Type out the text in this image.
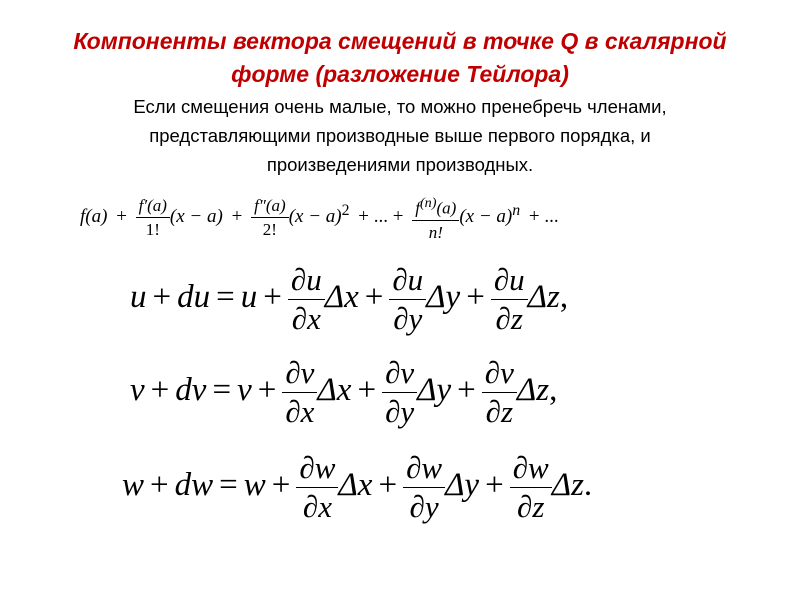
Компоненты вектора смещений в точке Q в скалярной
форме (разложение Тейлора)
Если смещения очень малые, то можно пренебречь членами,
представляющими производные выше первого порядка, и
произведениями производных.
$f(a) + \frac{f'(a)}{1!} (x - a) + \frac{f''(a)}{2!} (x - a)^2$ + ... + $\frac{f^{(n)}(a)}{n!} (x - a)^n$ + ...
u + du = $u + \frac{\partial u}{\partial x}$ $\Delta x + \frac{\partial u}{\partial y}$ $\Delta y + \frac{\partial u}{\partial z} \Delta z$,
v + dv = $v + \frac{\partial v}{\partial x}$ $\Delta x + \frac{\partial v}{\partial y}$ $\Delta y + \frac{\partial v}{\partial z} \Delta z$,
w + dw = $w + \frac{\partial w}{\partial x}$ $\Delta x + \frac{\partial w}{\partial y}$ $\Delta y + \frac{\partial w}{\partial z} \Delta z$.
